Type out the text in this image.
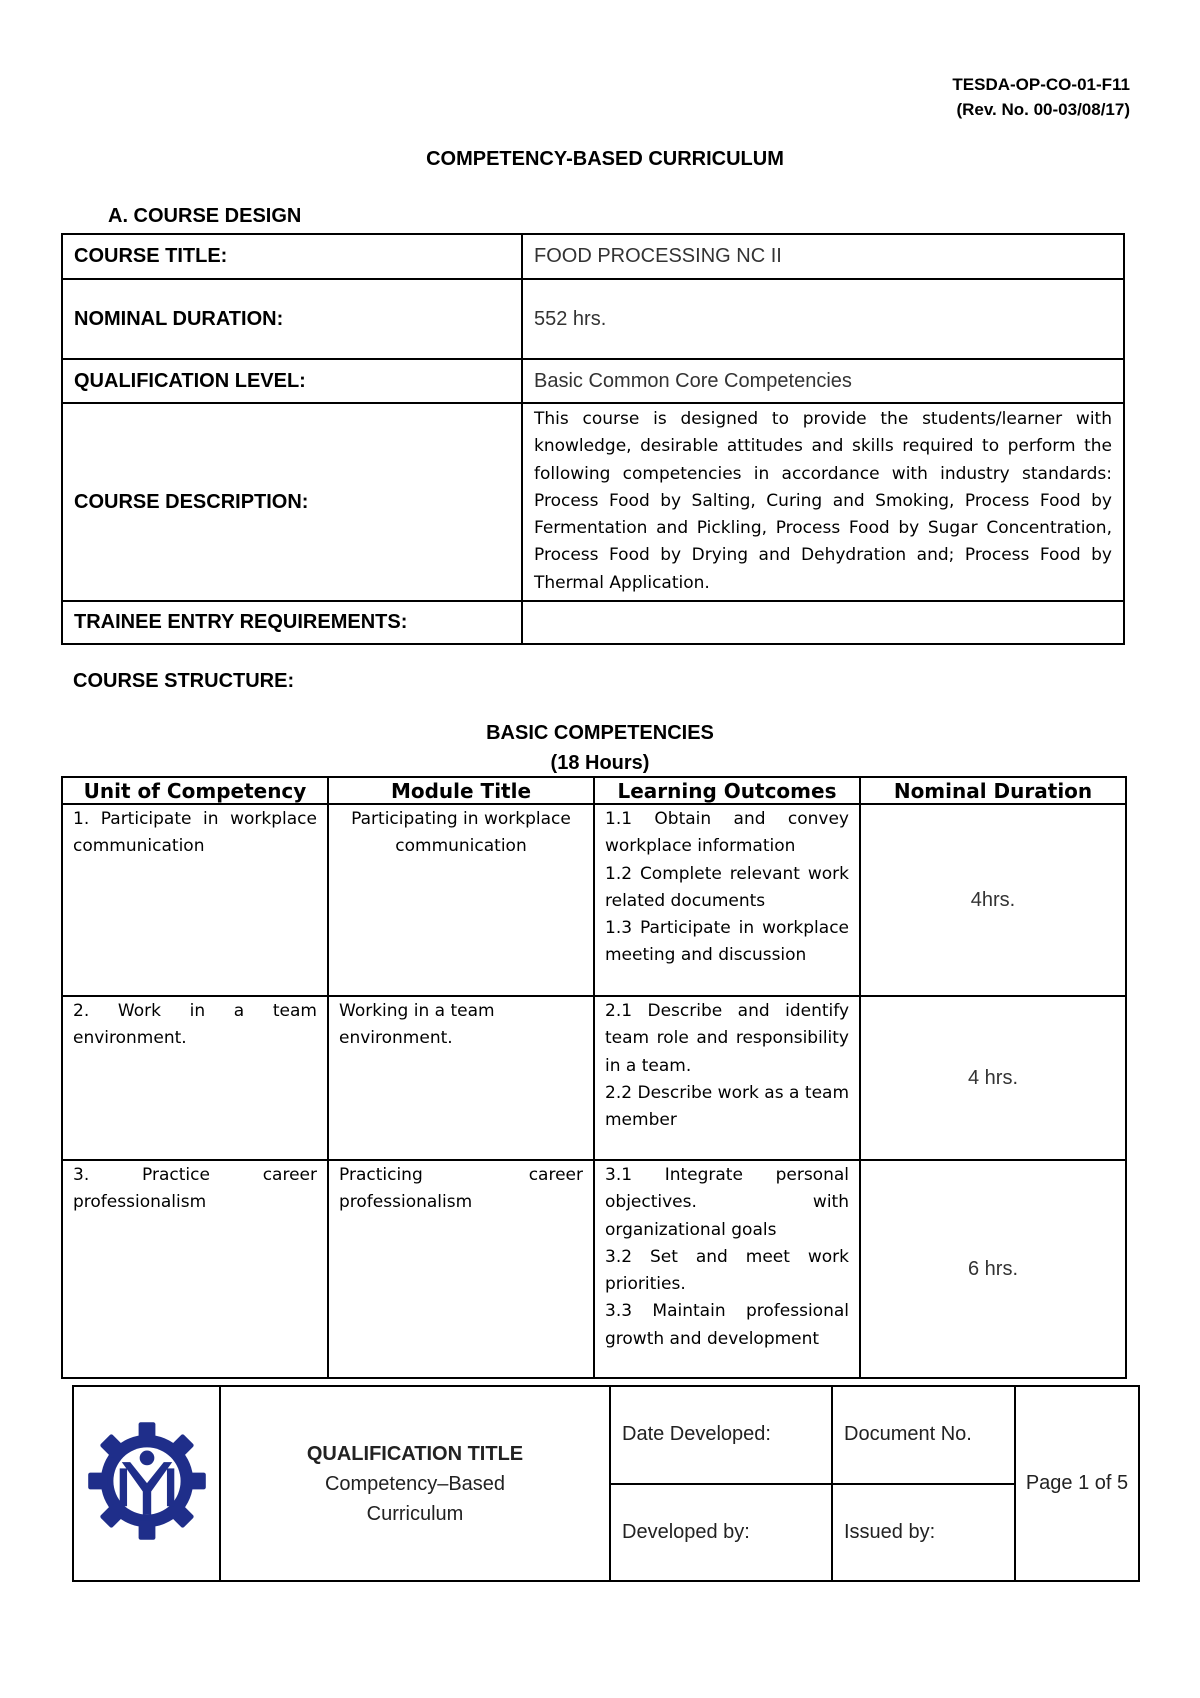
TESDA-OP-CO-01-F11
(Rev. No. 00-03/08/17)
COMPETENCY-BASED CURRICULUM
A. COURSE DESIGN
COURSE TITLE:	FOOD PROCESSING NC II
NOMINAL DURATION:	552 hrs.
QUALIFICATION LEVEL:	Basic Common Core Competencies
COURSE DESCRIPTION:	This course is designed to provide the students/learner with knowledge, desirable attitudes and skills required to perform the following competencies in accordance with industry standards: Process Food by Salting, Curing and Smoking, Process Food by Fermentation and Pickling, Process Food by Sugar Concentration, Process Food by Drying and Dehydration and; Process Food by Thermal Application.
TRAINEE ENTRY REQUIREMENTS:	
COURSE STRUCTURE:
BASIC COMPETENCIES
(18 Hours)
Unit of Competency	Module Title	Learning Outcomes	Nominal Duration
1. Participate in workplace communication	Participating in workplace communication	1.1 Obtain and convey workplace information
1.2 Complete relevant work related documents
1.3 Participate in workplace meeting and discussion	4hrs.
2. Work in a team environment.	Working in a team environment.	2.1 Describe and identify team role and responsibility in a team.
2.2 Describe work as a team member	4 hrs.
3. Practice career professionalism	Practicing career professionalism	3.1 Integrate personal objectives. with organizational goals
3.2 Set and meet work priorities.
3.3 Maintain professional growth and development	6 hrs.

QUALIFICATION TITLE
Competency–Based
Curriculum	Date Developed:	Document No.	Page 1 of 5
		Developed by:	Issued by:	
